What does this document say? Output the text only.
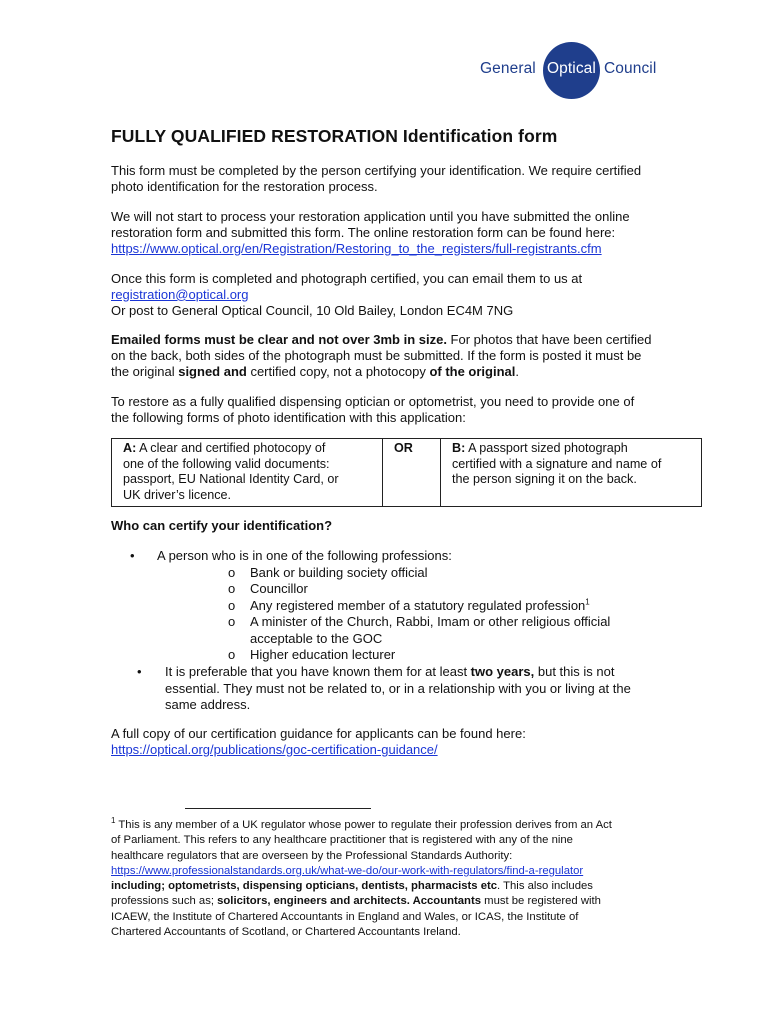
General Optical Council
FULLY QUALIFIED RESTORATION Identification form

This form must be completed by the person certifying your identification. We require certified
photo identification for the restoration process.

We will not start to process your restoration application until you have submitted the online
restoration form and submitted this form. The online restoration form can be found here:
https://www.optical.org/en/Registration/Restoring_to_the_registers/full-registrants.cfm

Once this form is completed and photograph certified, you can email them to us at
registration@optical.org
Or post to General Optical Council, 10 Old Bailey, London EC4M 7NG

Emailed forms must be clear and not over 3mb in size. For photos that have been certified
on the back, both sides of the photograph must be submitted. If the form is posted it must be
the original signed and certified copy, not a photocopy of the original.

To restore as a fully qualified dispensing optician or optometrist, you need to provide one of
the following forms of photo identification with this application:

A: A clear and certified photocopy of
one of the following valid documents:
passport, EU National Identity Card, or
UK driver’s licence.
	OR	B: A passport sized photograph
certified with a signature and name of
the person signing it on the back.

Who can certify your identification?

• A person who is in one of the following professions:
o Bank or building society official
o Councillor
o Any registered member of a statutory regulated profession$^1$
o A minister of the Church, Rabbi, Imam or other religious official
acceptable to the GOC
o Higher education lecturer
• It is preferable that you have known them for at least two years, but this is not
essential. They must not be related to, or in a relationship with you or living at the
same address.

A full copy of our certification guidance for applicants can be found here:
https://optical.org/publications/goc-certification-guidance/

$^1$ This is any member of a UK regulator whose power to regulate their profession derives from an Act
of Parliament. This refers to any healthcare practitioner that is registered with any of the nine
healthcare regulators that are overseen by the Professional Standards Authority:
https://www.professionalstandards.org.uk/what-we-do/our-work-with-regulators/find-a-regulator
including; optometrists, dispensing opticians, dentists, pharmacists etc. This also includes
professions such as; solicitors, engineers and architects. Accountants must be registered with
ICAEW, the Institute of Chartered Accountants in England and Wales, or ICAS, the Institute of
Chartered Accountants of Scotland, or Chartered Accountants Ireland.
